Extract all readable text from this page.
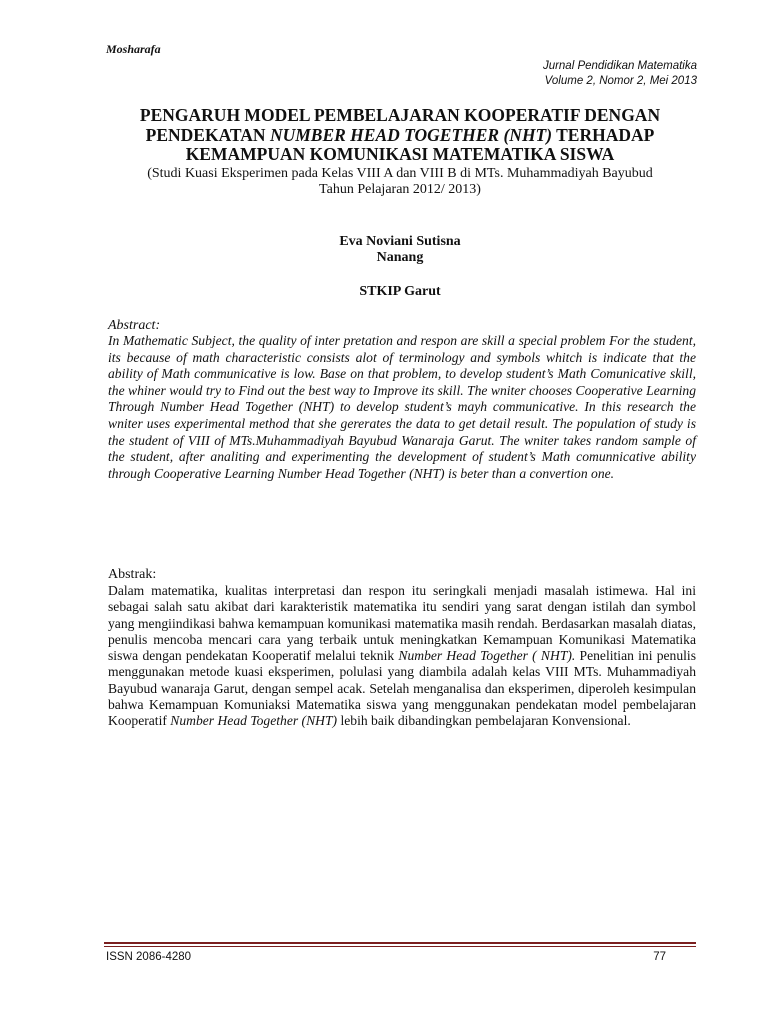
Mosharafa
Jurnal Pendidikan Matematika
Volume 2, Nomor 2, Mei 2013
PENGARUH MODEL PEMBELAJARAN KOOPERATIF DENGAN
PENDEKATAN NUMBER HEAD TOGETHER (NHT) TERHADAP
KEMAMPUAN KOMUNIKASI MATEMATIKA SISWA
(Studi Kuasi Eksperimen pada Kelas VIII A dan VIII B di MTs. Muhammadiyah Bayubud
Tahun Pelajaran 2012/ 2013)
Eva Noviani Sutisna
Nanang
STKIP Garut
Abstract:

In Mathematic Subject, the quality of inter pretation and respon are skill a special problem For the student, its because of math characteristic consists alot of terminology and symbols whitch is indicate that the ability of Math communicative is low. Base on that problem, to develop student’s Math Comunicative skill, the whiner would try to Find out the best way to Improve its skill. The wniter chooses Cooperative Learning Through Number Head Together (NHT) to develop student’s mayh communicative. In this research the wniter uses experimental method that she gererates the data to get detail result. The population of study is the student of VIII of MTs.Muhammadiyah Bayubud Wanaraja Garut. The wniter takes random sample of the student, after analiting and experimenting the development of student’s Math comunnicative ability through Cooperative Learning Number Head Together (NHT) is beter than a convertion one.

Abstrak:

Dalam matematika, kualitas interpretasi dan respon itu seringkali menjadi masalah istimewa. Hal ini sebagai salah satu akibat dari karakteristik matematika itu sendiri yang sarat dengan istilah dan symbol yang mengiindikasi bahwa kemampuan komunikasi matematika masih rendah. Berdasarkan masalah diatas, penulis mencoba mencari cara yang terbaik untuk meningkatkan Kemampuan Komunikasi Matematika siswa dengan pendekatan Kooperatif melalui teknik Number Head Together ( NHT). Penelitian ini penulis menggunakan metode kuasi eksperimen, polulasi yang diambila adalah kelas VIII MTs. Muhammadiyah Bayubud wanaraja Garut, dengan sempel acak. Setelah menganalisa dan eksperimen, diperoleh kesimpulan bahwa Kemampuan Komuniaksi Matematika siswa yang menggunakan pendekatan model pembelajaran Kooperatif Number Head Together (NHT) lebih baik dibandingkan pembelajaran Konvensional.

ISSN 2086-4280	77
